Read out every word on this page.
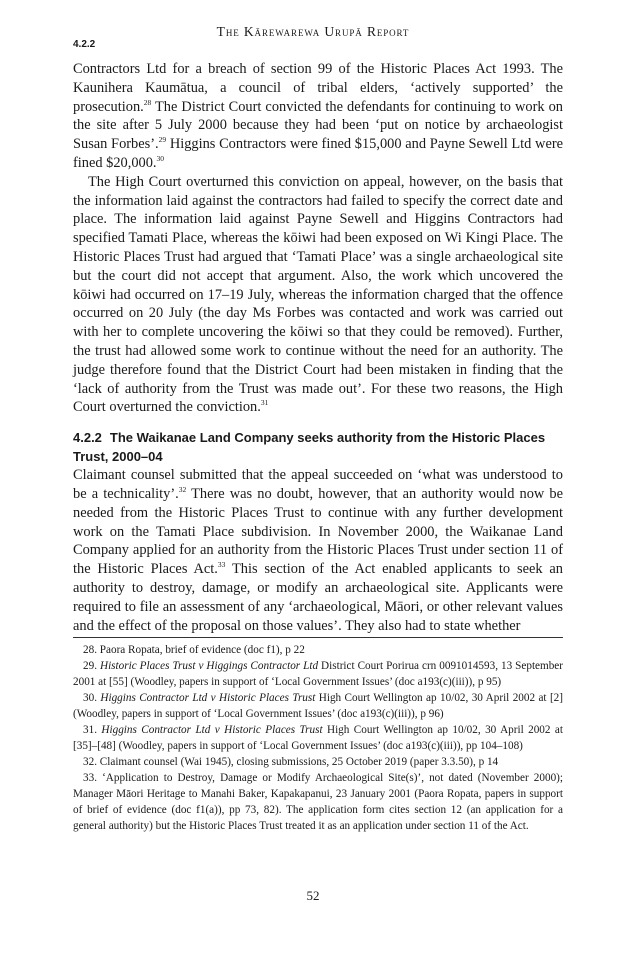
The Kārewarewa Urupā Report
4.2.2

Contractors Ltd for a breach of section 99 of the Historic Places Act 1993. The Kaunihera Kaumātua, a council of tribal elders, ‘actively supported’ the prosecution.$^{28}$ The District Court convicted the defendants for continuing to work on the site after 5 July 2000 because they had been ‘put on notice by archaeologist Susan Forbes’.$^{29}$ Higgins Contractors were fined $15,000 and Payne Sewell Ltd were fined $20,000.30

The High Court overturned this conviction on appeal, however, on the basis that the information laid against the contractors had failed to specify the correct date and place. The information laid against Payne Sewell and Higgins Contractors had specified Tamati Place, whereas the kōiwi had been exposed on Wi Kingi Place. The Historic Places Trust had argued that ‘Tamati Place’ was a single archaeological site but the court did not accept that argument. Also, the work which uncovered the kōiwi had occurred on 17–19 July, whereas the information charged that the offence occurred on 20 July (the day Ms Forbes was contacted and work was carried out with her to complete uncovering the kōiwi so that they could be removed). Further, the trust had allowed some work to continue without the need for an authority. The judge therefore found that the District Court had been mistaken in finding that the ‘lack of authority from the Trust was made out’. For these two reasons, the High Court overturned the conviction.$^{31}$

4.2.2 The Waikanae Land Company seeks authority from the Historic Places Trust, 2000–04

Claimant counsel submitted that the appeal succeeded on ‘what was understood to be a technicality’.$^{32}$ There was no doubt, however, that an authority would now be needed from the Historic Places Trust to continue with any further development work on the Tamati Place subdivision. In November 2000, the Waikanae Land Company applied for an authority from the Historic Places Trust under section 11 of the Historic Places Act.$^{33}$ This section of the Act enabled applicants to seek an authority to destroy, damage, or modify an archaeological site. Applicants were required to file an assessment of any ‘archaeological, Māori, or other relevant values and the effect of the proposal on those values’. They also had to state whether

28. Paora Ropata, brief of evidence (doc f1), p 22

29. Historic Places Trust v Higgings Contractor Ltd District Court Porirua crn 0091014593, 13 September 2001 at [55] (Woodley, papers in support of ‘Local Government Issues’ (doc a193(c)(iii)), p 95)

30. Higgins Contractor Ltd v Historic Places Trust High Court Wellington ap 10/02, 30 April 2002 at [2] (Woodley, papers in support of ‘Local Government Issues’ (doc a193(c)(iii)), p 96)

31. Higgins Contractor Ltd v Historic Places Trust High Court Wellington ap 10/02, 30 April 2002 at [35]–[48] (Woodley, papers in support of ‘Local Government Issues’ (doc a193(c)(iii)), pp 104–108)

32. Claimant counsel (Wai 1945), closing submissions, 25 October 2019 (paper 3.3.50), p 14

33. ‘Application to Destroy, Damage or Modify Archaeological Site(s)’, not dated (November 2000); Manager Māori Heritage to Manahi Baker, Kapakapanui, 23 January 2001 (Paora Ropata, papers in support of brief of evidence (doc f1(a)), pp 73, 82). The application form cites section 12 (an application for a general authority) but the Historic Places Trust treated it as an application under section 11 of the Act.

52
